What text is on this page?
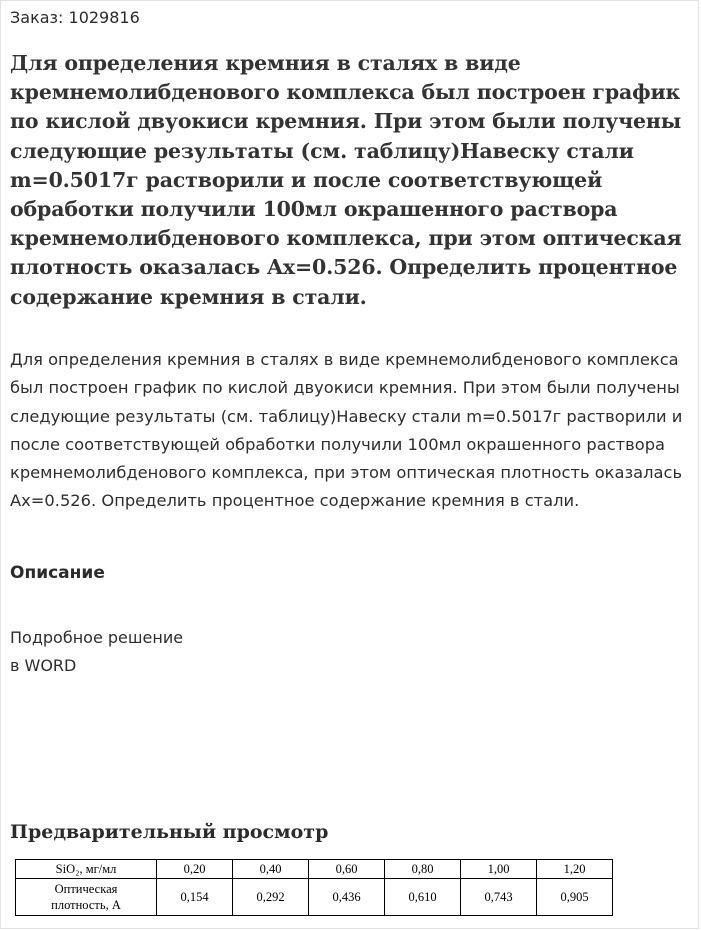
Заказ: 1029816
Для определения кремния в сталях в виде кремнемолибденового комплекса был построен график по кислой двуокиси кремния. При этом были получены следующие результаты (см. таблицу)Навеску стали m=0.5017г растворили и после соответствующей обработки получили 100мл окрашенного раствора кремнемолибденового комплекса, при этом оптическая плотность оказалась Ax=0.526. Определить процентное содержание кремния в стали.

Для определения кремния в сталях в виде кремнемолибденового комплекса был построен график по кислой двуокиси кремния. При этом были получены следующие результаты (см. таблицу)Навеску стали m=0.5017г растворили и после соответствующей обработки получили 100мл окрашенного раствора кремнемолибденового комплекса, при этом оптическая плотность оказалась Ax=0.526. Определить процентное содержание кремния в стали.

Описание
Подробное решение
в WORD
Предварительный просмотр
SiO₂, мг/мл	0,20	0,40	0,60	0,80	1,00	1,20

Оптическая
плотность, A	0,154	0,292	0,436	0,610	0,743	0,905
